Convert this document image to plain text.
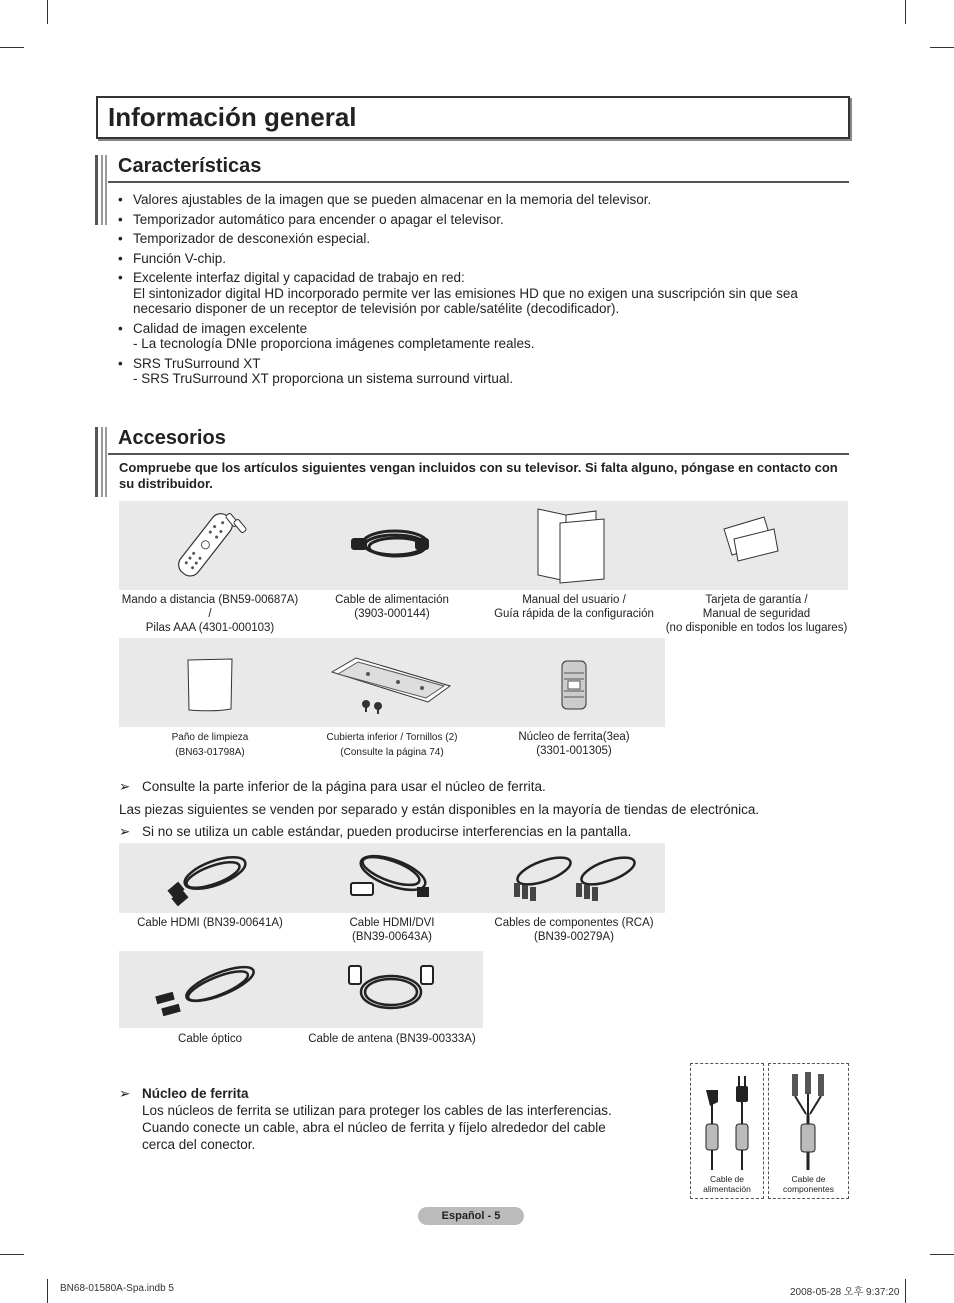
Información general
Características
• Valores ajustables de la imagen que se pueden almacenar en la memoria del televisor.
• Temporizador automático para encender o apagar el televisor.
• Temporizador de desconexión especial.
• Función V-chip.
• Excelente interfaz digital y capacidad de trabajo en red:
El sintonizador digital HD incorporado permite ver las emisiones HD que no exigen una suscripción sin que sea necesario disponer de un receptor de televisión por cable/satélite (decodificador).
• Calidad de imagen excelente
- La tecnología DNIe proporciona imágenes completamente reales.
• SRS TruSurround XT
- SRS TruSurround XT proporciona un sistema surround virtual.
Accesorios
Compruebe que los artículos siguientes vengan incluidos con su televisor. Si falta alguno, póngase en contacto con su distribuidor.
Mando a distancia (BN59-00687A) /
Pilas AAA (4301-000103)
Cable de alimentación
(3903-000144)
Manual del usuario /
Guía rápida de la configuración
Tarjeta de garantía /
Manual de seguridad
(no disponible en todos los lugares)
Paño de limpieza
(BN63-01798A)
Cubierta inferior / Tornillos (2)
(Consulte la página 74)
Núcleo de ferrita(3ea)
(3301-001305)
➢ Consulte la parte inferior de la página para usar el núcleo de ferrita.
Las piezas siguientes se venden por separado y están disponibles en la mayoría de tiendas de electrónica.
➢ Si no se utiliza un cable estándar, pueden producirse interferencias en la pantalla.
Cable HDMI (BN39-00641A)	Cable HDMI/DVI
(BN39-00643A)
Cables de componentes (RCA)
(BN39-00279A)
Cable óptico	Cable de antena (BN39-00333A)
➢ Núcleo de ferrita
Los núcleos de ferrita se utilizan para proteger los cables de las interferencias.
Cuando conecte un cable, abra el núcleo de ferrita y fíjelo alrededor del cable
cerca del conector.
Cable de
alimentación
Cable de
componentes
Español - 5
BN68-01580A-Spa.indb 5	2008-05-28 오후 9:37:20
